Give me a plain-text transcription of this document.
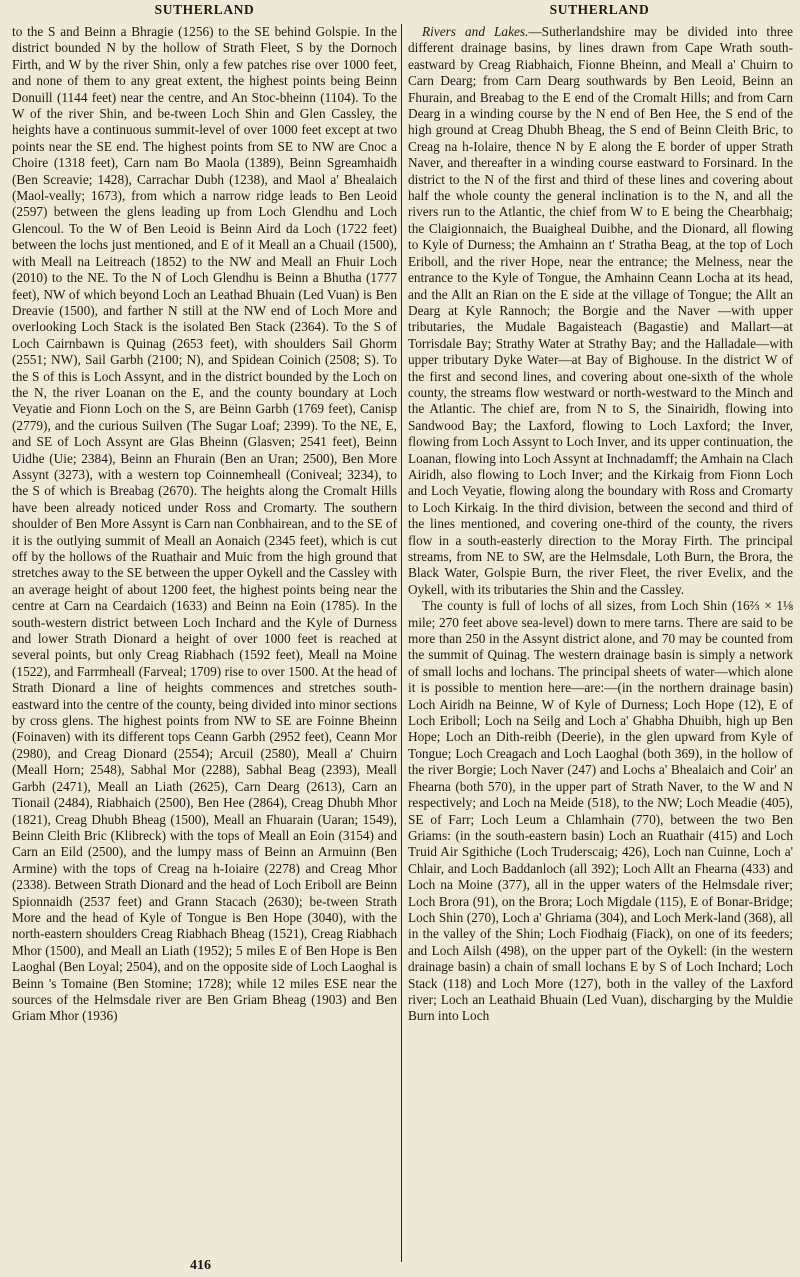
SUTHERLAND	SUTHERLAND

to the S and Beinn a Bhragie (1256) to the SE behind Golspie. In the district bounded N by the hollow of Strath Fleet, S by the Dornoch Firth, and W by the river Shin, only a few patches rise over 1000 feet, and none of them to any great extent, the highest points being Beinn Donuill (1144 feet) near the centre, and An Stoc-bheinn (1104). To the W of the river Shin, and be-tween Loch Shin and Glen Cassley, the heights have a continuous summit-level of over 1000 feet except at two points near the SE end. The highest points from SE to NW are Cnoc a Choire (1318 feet), Carn nam Bo Maola (1389), Beinn Sgreamhaidh (Ben Screavie; 1428), Carrachar Dubh (1238), and Maol a' Bhealaich (Maol-veally; 1673), from which a narrow ridge leads to Ben Leoid (2597) between the glens leading up from Loch Glendhu and Loch Glencoul. To the W of Ben Leoid is Beinn Aird da Loch (1722 feet) between the lochs just mentioned, and E of it Meall an a Chuail (1500), with Meall na Leitreach (1852) to the NW and Meall an Fhuir Loch (2010) to the NE. To the N of Loch Glendhu is Beinn a Bhutha (1777 feet), NW of which beyond Loch an Leathad Bhuain (Led Vuan) is Ben Dreavie (1500), and farther N still at the NW end of Loch More and overlooking Loch Stack is the isolated Ben Stack (2364). To the S of Loch Cairnbawn is Quinag (2653 feet), with shoulders Sail Ghorm (2551; NW), Sail Garbh (2100; N), and Spidean Coinich (2508; S). To the S of this is Loch Assynt, and in the district bounded by the Loch on the N, the river Loanan on the E, and the county boundary at Loch Veyatie and Fionn Loch on the S, are Beinn Garbh (1769 feet), Canisp (2779), and the curious Suilven (The Sugar Loaf; 2399). To the NE, E, and SE of Loch Assynt are Glas Bheinn (Glasven; 2541 feet), Beinn Uidhe (Uie; 2384), Beinn an Fhurain (Ben an Uran; 2500), Ben More Assynt (3273), with a western top Coinnemheall (Coniveal; 3234), to the S of which is Breabag (2670). The heights along the Cromalt Hills have been already noticed under Ross and Cromarty. The southern shoulder of Ben More Assynt is Carn nan Conbhairean, and to the SE of it is the outlying summit of Meall an Aonaich (2345 feet), which is cut off by the hollows of the Ruathair and Muic from the high ground that stretches away to the SE between the upper Oykell and the Cassley with an average height of about 1200 feet, the highest points being near the centre at Carn na Ceardaich (1633) and Beinn na Eoin (1785). In the south-western district between Loch Inchard and the Kyle of Durness and lower Strath Dionard a height of over 1000 feet is reached at several points, but only Creag Riabhach (1592 feet), Meall na Moine (1522), and Farrmheall (Farveal; 1709) rise to over 1500. At the head of Strath Dionard a line of heights commences and stretches south-eastward into the centre of the county, being divided into minor sections by cross glens. The highest points from NW to SE are Foinne Bheinn (Foinaven) with its different tops Ceann Garbh (2952 feet), Ceann Mor (2980), and Creag Dionard (2554); Arcuil (2580), Meall a' Chuirn (Meall Horn; 2548), Sabhal Mor (2288), Sabhal Beag (2393), Meall Garbh (2471), Meall an Liath (2625), Carn Dearg (2613), Carn an Tionail (2484), Riabhaich (2500), Ben Hee (2864), Creag Dhubh Mhor (1821), Creag Dhubh Bheag (1500), Meall an Fhuarain (Uaran; 1549), Beinn Cleith Bric (Klibreck) with the tops of Meall an Eoin (3154) and Carn an Eild (2500), and the lumpy mass of Beinn an Armuinn (Ben Armine) with the tops of Creag na h-Ioiaire (2278) and Creag Mhor (2338). Between Strath Dionard and the head of Loch Eriboll are Beinn Spionnaidh (2537 feet) and Grann Stacach (2630); be-tween Strath More and the head of Kyle of Tongue is Ben Hope (3040), with the north-eastern shoulders Creag Riabhach Bheag (1521), Creag Riabhach Mhor (1500), and Meall an Liath (1952); 5 miles E of Ben Hope is Ben Laoghal (Ben Loyal; 2504), and on the opposite side of Loch Laoghal is Beinn 's Tomaine (Ben Stomine; 1728); while 12 miles ESE near the sources of the Helmsdale river are Ben Griam Bheag (1903) and Ben Griam Mhor (1936)

Rivers and Lakes.—Sutherlandshire may be divided into three different drainage basins, by lines drawn from Cape Wrath south-eastward by Creag Riabhaich, Fionne Bheinn, and Meall a' Chuirn to Carn Dearg; from Carn Dearg southwards by Ben Leoid, Beinn an Fhurain, and Breabag to the E end of the Cromalt Hills; and from Carn Dearg in a winding course by the N end of Ben Hee, the S end of the high ground at Creag Dhubh Bheag, the S end of Beinn Cleith Bric, to Creag na h-Iolaire, thence N by E along the E border of upper Strath Naver, and thereafter in a winding course eastward to Forsinard. In the district to the N of the first and third of these lines and covering about half the whole county the general inclination is to the N, and all the rivers run to the Atlantic, the chief from W to E being the Chearbhaig; the Claigionnaich, the Buaigheal Duibhe, and the Dionard, all flowing to Kyle of Durness; the Amhainn an t' Stratha Beag, at the top of Loch Eriboll, and the river Hope, near the entrance; the Melness, near the entrance to the Kyle of Tongue, the Amhainn Ceann Locha at its head, and the Allt an Rian on the E side at the village of Tongue; the Allt an Dearg at Kyle Rannoch; the Borgie and the Naver —with upper tributaries, the Mudale Bagaisteach (Bagastie) and Mallart—at Torrisdale Bay; Strathy Water at Strathy Bay; and the Halladale—with upper tributary Dyke Water—at Bay of Bighouse. In the district W of the first and second lines, and covering about one-sixth of the whole county, the streams flow westward or north-westward to the Minch and the Atlantic. The chief are, from N to S, the Sinairidh, flowing into Sandwood Bay; the Laxford, flowing to Loch Laxford; the Inver, flowing from Loch Assynt to Loch Inver, and its upper continuation, the Loanan, flowing into Loch Assynt at Inchnadamff; the Amhain na Clach Airidh, also flowing to Loch Inver; and the Kirkaig from Fionn Loch and Loch Veyatie, flowing along the boundary with Ross and Cromarty to Loch Kirkaig. In the third division, between the second and third of the lines mentioned, and covering one-third of the county, the rivers flow in a south-easterly direction to the Moray Firth. The principal streams, from NE to SW, are the Helmsdale, Loth Burn, the Brora, the Black Water, Golspie Burn, the river Fleet, the river Evelix, and the Oykell, with its tributaries the Shin and the Cassley.

The county is full of lochs of all sizes, from Loch Shin (16⅔ × 1⅛ mile; 270 feet above sea-level) down to mere tarns. There are said to be more than 250 in the Assynt district alone, and 70 may be counted from the summit of Quinag. The western drainage basin is simply a network of small lochs and lochans. The principal sheets of water—which alone it is possible to mention here—are:—(in the northern drainage basin) Loch Airidh na Beinne, W of Kyle of Durness; Loch Hope (12), E of Loch Eriboll; Loch na Seilg and Loch a' Ghabha Dhuibh, high up Ben Hope; Loch an Dith-reibh (Deerie), in the glen upward from Kyle of Tongue; Loch Creagach and Loch Laoghal (both 369), in the hollow of the river Borgie; Loch Naver (247) and Lochs a' Bhealaich and Coir' an Fhearna (both 570), in the upper part of Strath Naver, to the W and N respectively; and Loch na Meide (518), to the NW; Loch Meadie (405), SE of Farr; Loch Leum a Chlamhain (770), between the two Ben Griams: (in the south-eastern basin) Loch an Ruathair (415) and Loch Truid Air Sgithiche (Loch Truderscaig; 426), Loch nan Cuinne, Loch a' Chlair, and Loch Baddanloch (all 392); Loch Allt an Fhearna (433) and Loch na Moine (377), all in the upper waters of the Helmsdale river; Loch Brora (91), on the Brora; Loch Migdale (115), E of Bonar-Bridge; Loch Shin (270), Loch a' Ghriama (304), and Loch Merk-land (368), all in the valley of the Shin; Loch Fiodhaig (Fiack), on one of its feeders; and Loch Ailsh (498), on the upper part of the Oykell: (in the western drainage basin) a chain of small lochans E by S of Loch Inchard; Loch Stack (118) and Loch More (127), both in the valley of the Laxford river; Loch an Leathaid Bhuain (Led Vuan), discharging by the Muldie Burn into Loch

416
